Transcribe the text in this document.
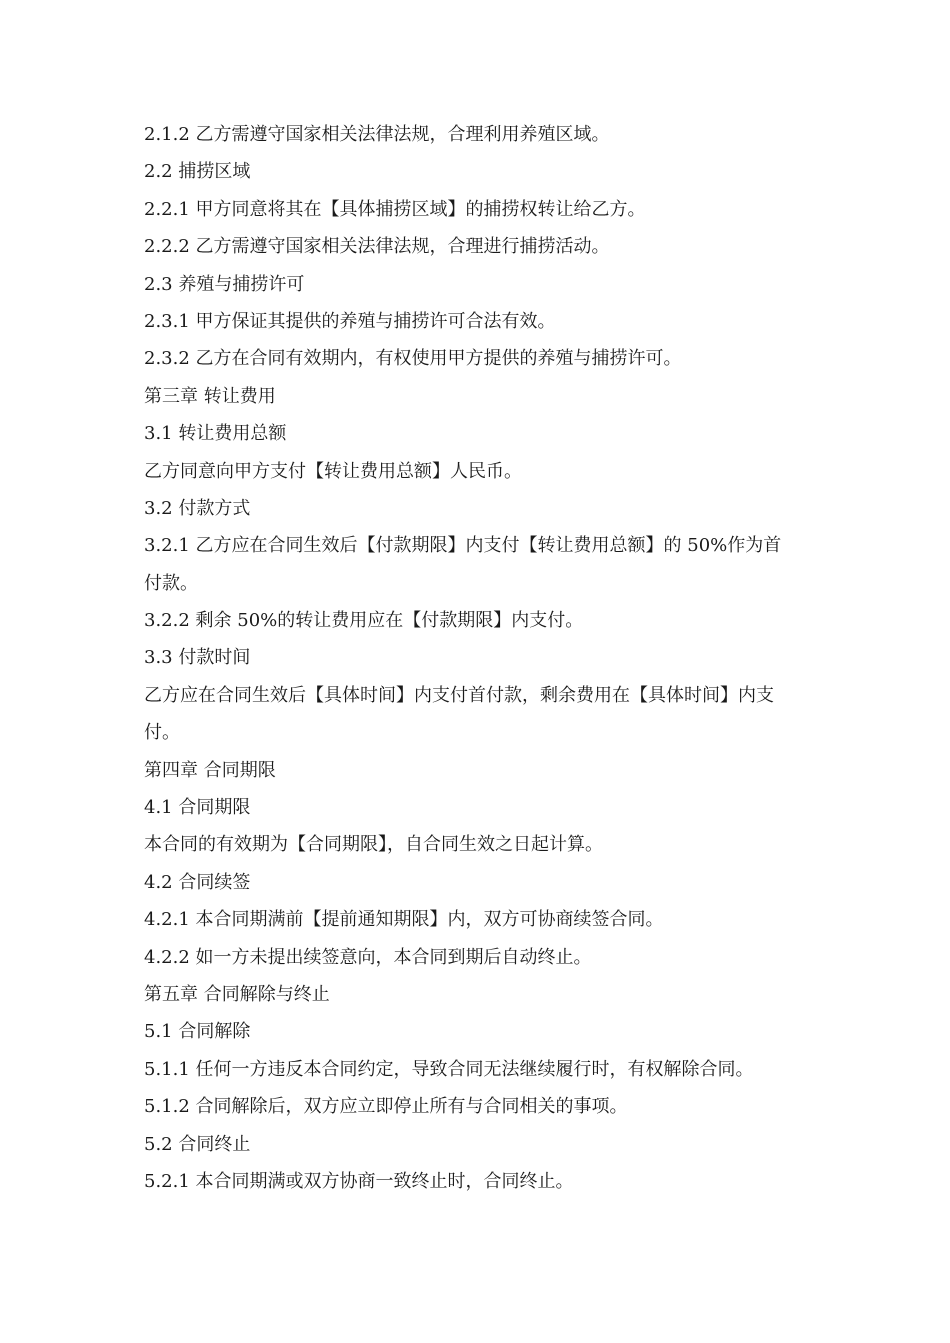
2.1.2 乙方需遵守国家相关法律法规，合理利用养殖区域。
2.2 捕捞区域
2.2.1 甲方同意将其在【具体捕捞区域】的捕捞权转让给乙方。
2.2.2 乙方需遵守国家相关法律法规，合理进行捕捞活动。
2.3 养殖与捕捞许可
2.3.1 甲方保证其提供的养殖与捕捞许可合法有效。
2.3.2 乙方在合同有效期内，有权使用甲方提供的养殖与捕捞许可。
第三章 转让费用
3.1 转让费用总额
乙方同意向甲方支付【转让费用总额】人民币。
3.2 付款方式
3.2.1 乙方应在合同生效后【付款期限】内支付【转让费用总额】的 50%作为首
付款。
3.2.2 剩余 50%的转让费用应在【付款期限】内支付。
3.3 付款时间
乙方应在合同生效后【具体时间】内支付首付款，剩余费用在【具体时间】内支
付。
第四章 合同期限
4.1 合同期限
本合同的有效期为【合同期限】，自合同生效之日起计算。
4.2 合同续签
4.2.1 本合同期满前【提前通知期限】内，双方可协商续签合同。
4.2.2 如一方未提出续签意向，本合同到期后自动终止。
第五章 合同解除与终止
5.1 合同解除
5.1.1 任何一方违反本合同约定，导致合同无法继续履行时，有权解除合同。
5.1.2 合同解除后，双方应立即停止所有与合同相关的事项。
5.2 合同终止
5.2.1 本合同期满或双方协商一致终止时，合同终止。
